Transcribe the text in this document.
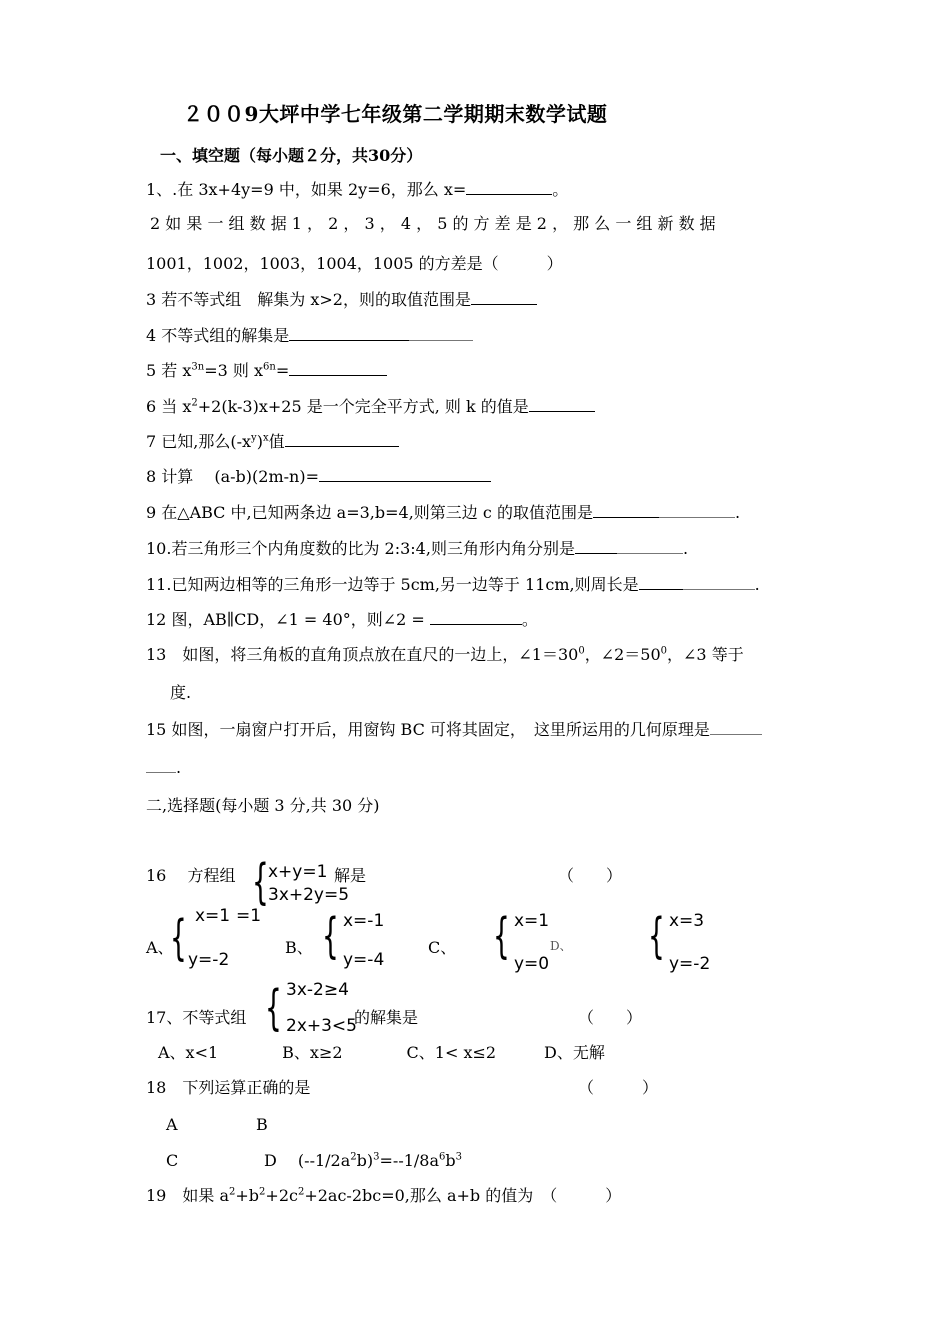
２００9大坪中学七年级第二学期期末数学试题
一、填空题（每小题２分，共30分）
1、.在 3x+4y=9 中，如果 2y=6，那么 x=	。
2 如 果 一 组 数 据 1 ， 2 ， 3 ， 4 ， 5 的 方 差 是 2 ， 那 么 一 组 新 数 据
1001，1002，1003，1004，1005 的方差是（　　　）
3 若不等式组　解集为 x>2，则的取值范围是
4 不等式组的解集是
5 若 $x^{3n}=3$ 则 $x^{6n}=$
6 当 $x^2+2(k-3)x+25$ 是一个完全平方式, 则 k 的值是
7 已知,那么$(-x^y)^x$值
8 计算　 (a-b)(2m-n)=
9 在△ABC 中,已知两条边 a=3,b=4,则第三边 c 的取值范围是	.
10.若三角形三个内角度数的比为 2:3:4,则三角形内角分别是	.
11.已知两边相等的三角形一边等于 5cm,另一边等于 11cm,则周长是	.
12 图，AB∥CD，∠1 = 40°，则∠2 =	。
13　如图，将三角板的直角顶点放在直尺的一边上，$\angle 1=30^0$，$\angle 2=50^0$，∠3 等于
度.
15 如图，一扇窗户打开后，用窗钩 BC 可将其固定，　这里所运用的几何原理是
.
二,选择题(每小题 3 分,共 30 分)
16　 方程组 { x+y=1
3x+2y=5
解是	（　　）
A、
{ x=1 =1
y=-2
B、 { x=-1
y=-4
C、 { x=1
y=0
D、 { x=3
y=-2
17、不等式组 { 3x-2≥4
2x+3<5
的解集是	（　　）
A、x<1　　　　B、x≥2　　　　C、1< x≤2　　　D、无解
18　下列运算正确的是	（　　　）
A	B
C	D　 $(--1/2a^2b)^3=--1/8a^6b^3$
19　如果 $a^2+b^2+2c^2+2ac-2bc=0$,那么 a+b 的值为　（　　　）
